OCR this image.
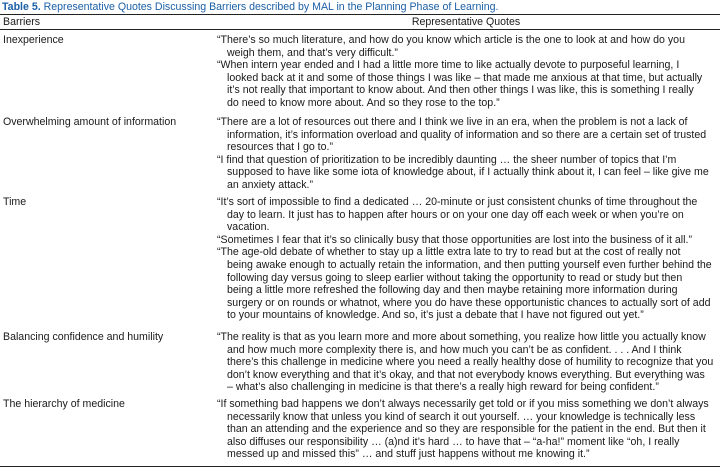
Table 5. Representative Quotes Discussing Barriers described by MAL in the Planning Phase of Learning.
Barriers	Representative Quotes
Inexperience	“There’s so much literature, and how do you know which article is the one to look at and how do you
weigh them, and that’s very difficult.”

“When intern year ended and I had a little more time to like actually devote to purposeful learning, I
looked back at it and some of those things I was like – that made me anxious at that time, but actually
it’s not really that important to know about. And then other things I was like, this is something I really
do need to know more about. And so they rose to the top.”

Overwhelming amount of information	“There are a lot of resources out there and I think we live in an era, when the problem is not a lack of
information, it’s information overload and quality of information and so there are a certain set of trusted
resources that I go to.”

“I find that question of prioritization to be incredibly daunting … the sheer number of topics that I’m
supposed to have like some iota of knowledge about, if I actually think about it, I can feel – like give me
an anxiety attack.”

Time	“It’s sort of impossible to find a dedicated … 20-minute or just consistent chunks of time throughout the
day to learn. It just has to happen after hours or on your one day off each week or when you’re on
vacation.

“Sometimes I fear that it’s so clinically busy that those opportunities are lost into the business of it all.”

“The age-old debate of whether to stay up a little extra late to try to read but at the cost of really not
being awake enough to actually retain the information, and then putting yourself even further behind the
following day versus going to sleep earlier without taking the opportunity to read or study but then
being a little more refreshed the following day and then maybe retaining more information during
surgery or on rounds or whatnot, where you do have these opportunistic chances to actually sort of add
to your mountains of knowledge. And so, it’s just a debate that I have not figured out yet.”

Balancing confidence and humility	“The reality is that as you learn more and more about something, you realize how little you actually know
and how much more complexity there is, and how much you can’t be as confident. . . . And I think
there’s this challenge in medicine where you need a really healthy dose of humility to recognize that you
don’t know everything and that it’s okay, and that not everybody knows everything. But everything was
– what’s also challenging in medicine is that there’s a really high reward for being confident.”

The hierarchy of medicine	“If something bad happens we don’t always necessarily get told or if you miss something we don’t always
necessarily know that unless you kind of search it out yourself. … your knowledge is technically less
than an attending and the experience and so they are responsible for the patient in the end. But then it
also diffuses our responsibility … (a)nd it’s hard … to have that – “a-ha!” moment like “oh, I really
messed up and missed this” … and stuff just happens without me knowing it.”
